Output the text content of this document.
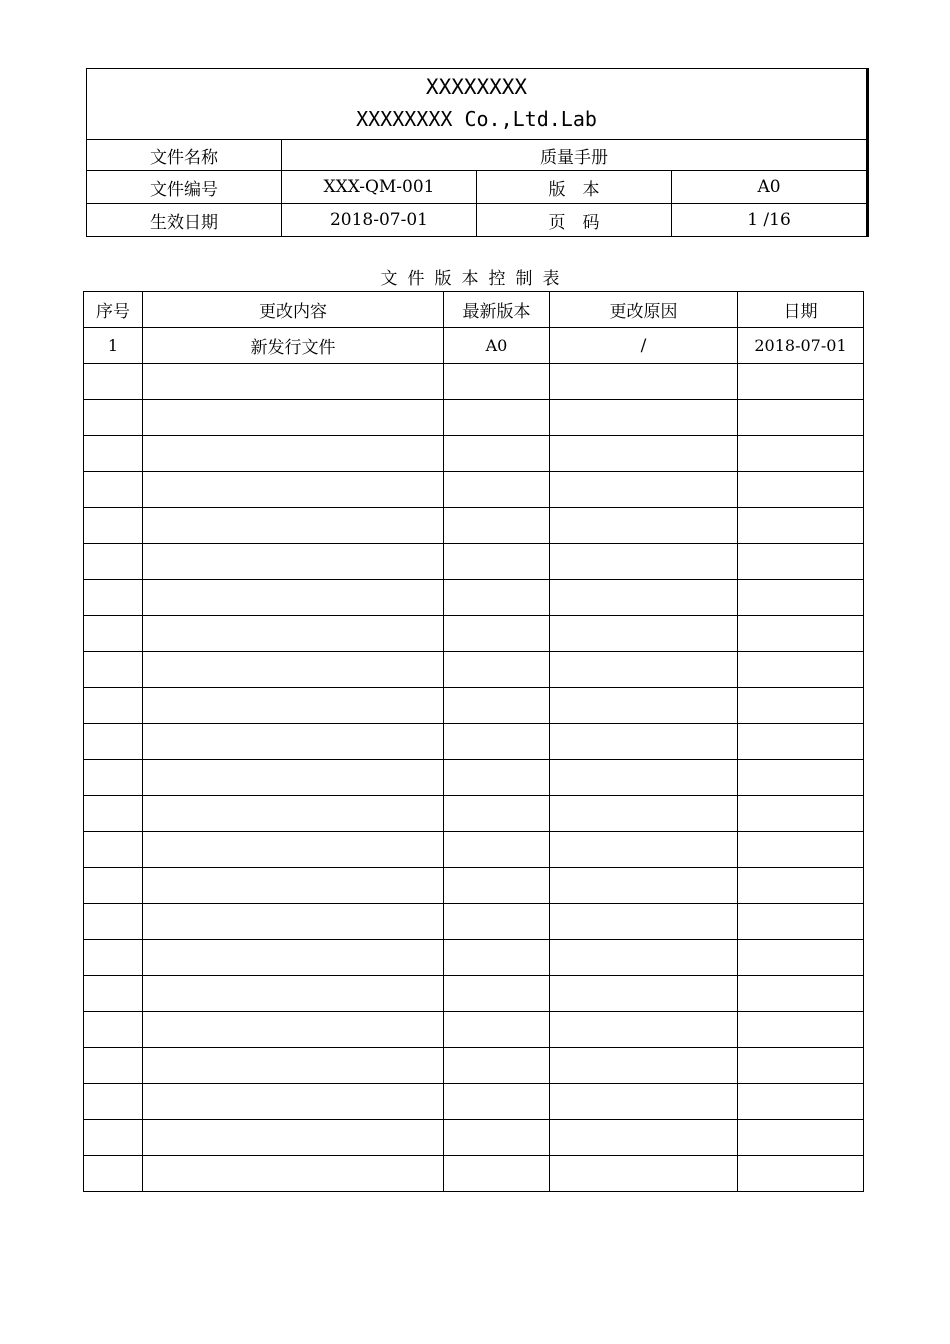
XXXXXXXX
XXXXXXXX Co.,Ltd.Lab			

文件名称	质量手册		
文件编号	XXX-QM-001	版　本	A0
生效日期	2018-07-01	页　码	1 /16
文件版本控制表
序号	更改内容	最新版本	更改原因	日期
1	新发行文件	A0	/	2018-07-01
